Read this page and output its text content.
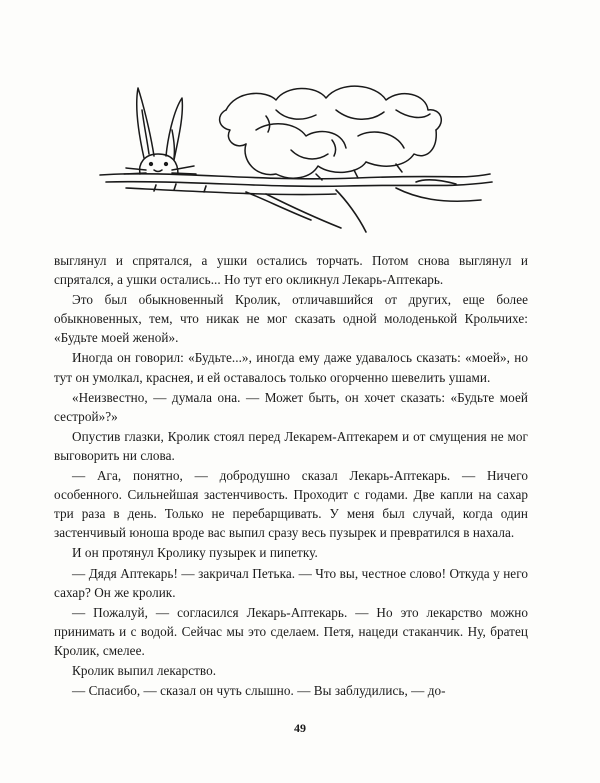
выглянул и спрятался, а ушки остались торчать. Потом снова выглянул и спрятался, а ушки остались... Но тут его окликнул Лекарь-Аптекарь.

Это был обыкновенный Кролик, отличавшийся от других, еще более обыкновенных, тем, что никак не мог сказать одной молоденькой Крольчихе: «Будьте моей женой».

Иногда он говорил: «Будьте...», иногда ему даже удавалось сказать: «моей», но тут он умолкал, краснея, и ей оставалось только огорченно шевелить ушами.

«Неизвестно, — думала она. — Может быть, он хочет сказать: «Будьте моей сестрой»?»

Опустив глазки, Кролик стоял перед Лекарем-Аптекарем и от смущения не мог выговорить ни слова.

— Ага, понятно, — добродушно сказал Лекарь-Аптекарь. — Ничего особенного. Сильнейшая застенчивость. Проходит с годами. Две капли на сахар три раза в день. Только не перебарщивать. У меня был случай, когда один застенчивый юноша вроде вас выпил сразу весь пузырек и превратился в нахала.

И он протянул Кролику пузырек и пипетку.

— Дядя Аптекарь! — закричал Петька. — Что вы, честное слово! Откуда у него сахар? Он же кролик.

— Пожалуй, — согласился Лекарь-Аптекарь. — Но это лекарство можно принимать и с водой. Сейчас мы это сделаем. Петя, нацеди стаканчик. Ну, братец Кролик, смелее.

Кролик выпил лекарство.

— Спасибо, — сказал он чуть слышно. — Вы заблудились, — до-

49
